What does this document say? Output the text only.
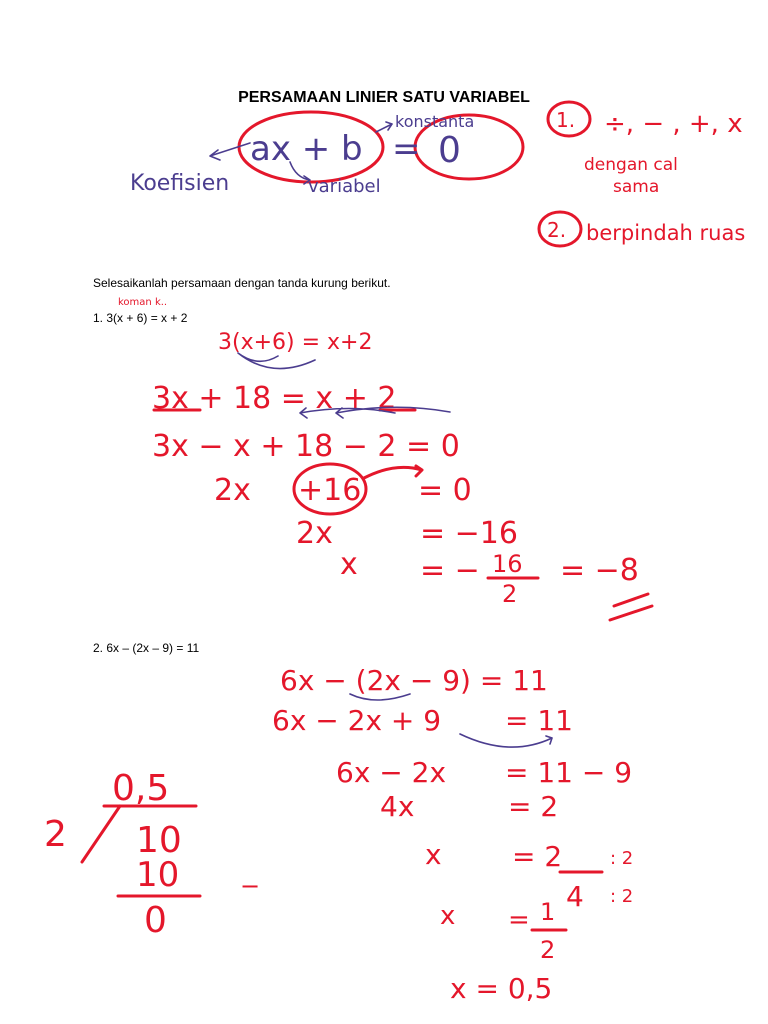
PERSAMAAN LINIER SATU VARIABEL
Selesaikanlah persamaan dengan tanda kurung berikut.
1. 3(x + 6) = x + 2
2. 6x – (2x – 9) = 11
ax + b = 0
Koefisien	variabel
konstanta	1. ÷, − , +, x
dengan cal
sama
2. berpindah ruas
koman k..
3(x+6) = x+2
3x + 18 = x + 2
3x − x + 18 − 2 = 0
2x +16 = 0
2x	= −16
x = − 16
2
= −8
6x − (2x − 9) = 11
6x − 2x + 9 = 11
6x − 2x = 11 − 9
4x	= 2
x	= 2	: 2
4 : 2
x = 1
2
x = 0,5
0,5
2 10
10	−
0
